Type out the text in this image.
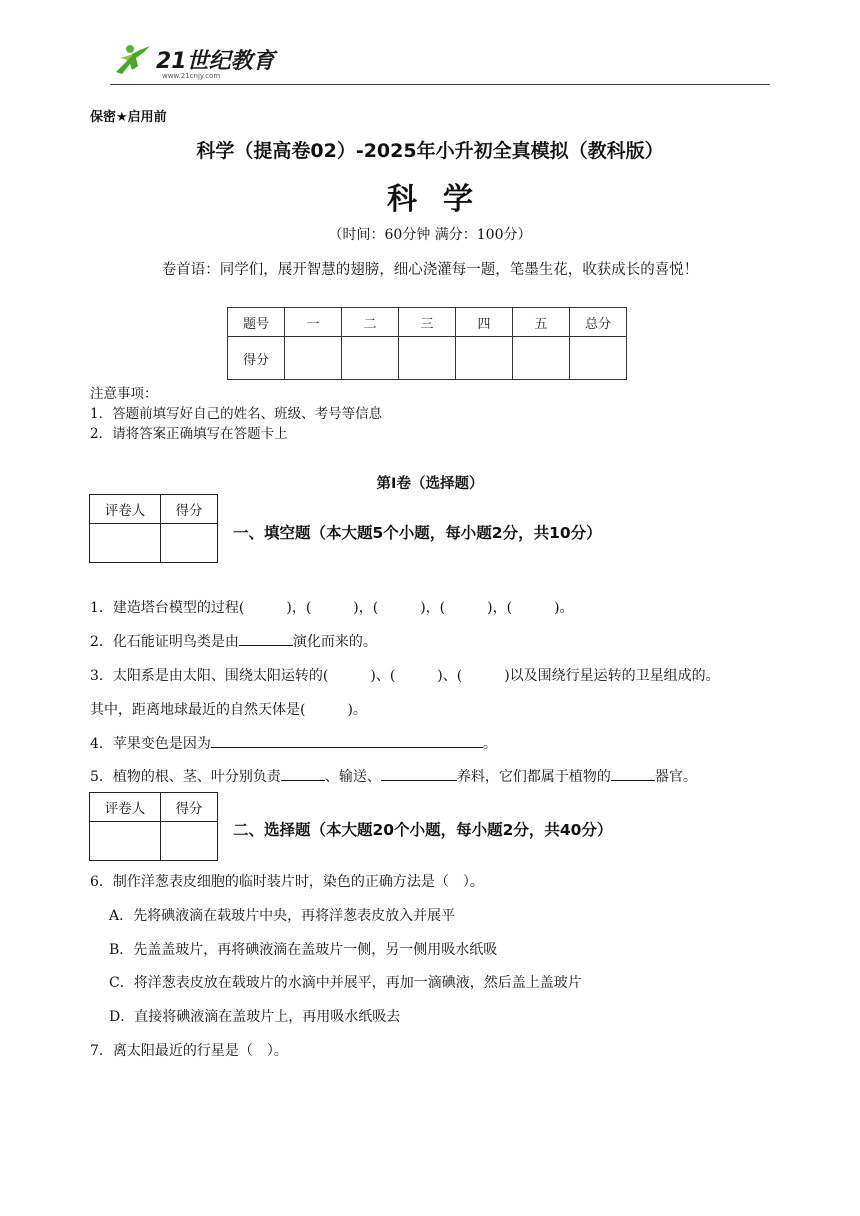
21世纪教育
www.21cnjy.com
保密★启用前
科学（提高卷02）-2025年小升初全真模拟（教科版）
科学
（时间：60分钟 满分：100分）
卷首语：同学们，展开智慧的翅膀，细心浇灌每一题，笔墨生花，收获成长的喜悦！
题号	一	二	三	四	五	总分
得分						
注意事项：
1．答题前填写好自己的姓名、班级、考号等信息
2．请将答案正确填写在答题卡上
第Ⅰ卷（选择题）
评卷人	得分

一、填空题（本大题5个小题，每小题2分，共10分）
1．建造塔台模型的过程(　　　)，(　　　)，(　　　)，(　　　)，(　　　)。
2．化石能证明鸟类是由	演化而来的。
3．太阳系是由太阳、围绕太阳运转的(　　　)、(　　　)、(　　　)以及围绕行星运转的卫星组成的。
其中，距离地球最近的自然天体是(　　　)。
4．苹果变色是因为	。
5．植物的根、茎、叶分别负责	、输送、	养料，它们都属于植物的	器官。
评卷人	得分

二、选择题（本大题20个小题，每小题2分，共40分）
6．制作洋葱表皮细胞的临时装片时，染色的正确方法是（　）。
A．先将碘液滴在载玻片中央，再将洋葱表皮放入并展平
B．先盖盖玻片，再将碘液滴在盖玻片一侧，另一侧用吸水纸吸
C．将洋葱表皮放在载玻片的水滴中并展平，再加一滴碘液，然后盖上盖玻片
D．直接将碘液滴在盖玻片上，再用吸水纸吸去
7．离太阳最近的行星是（　）。
